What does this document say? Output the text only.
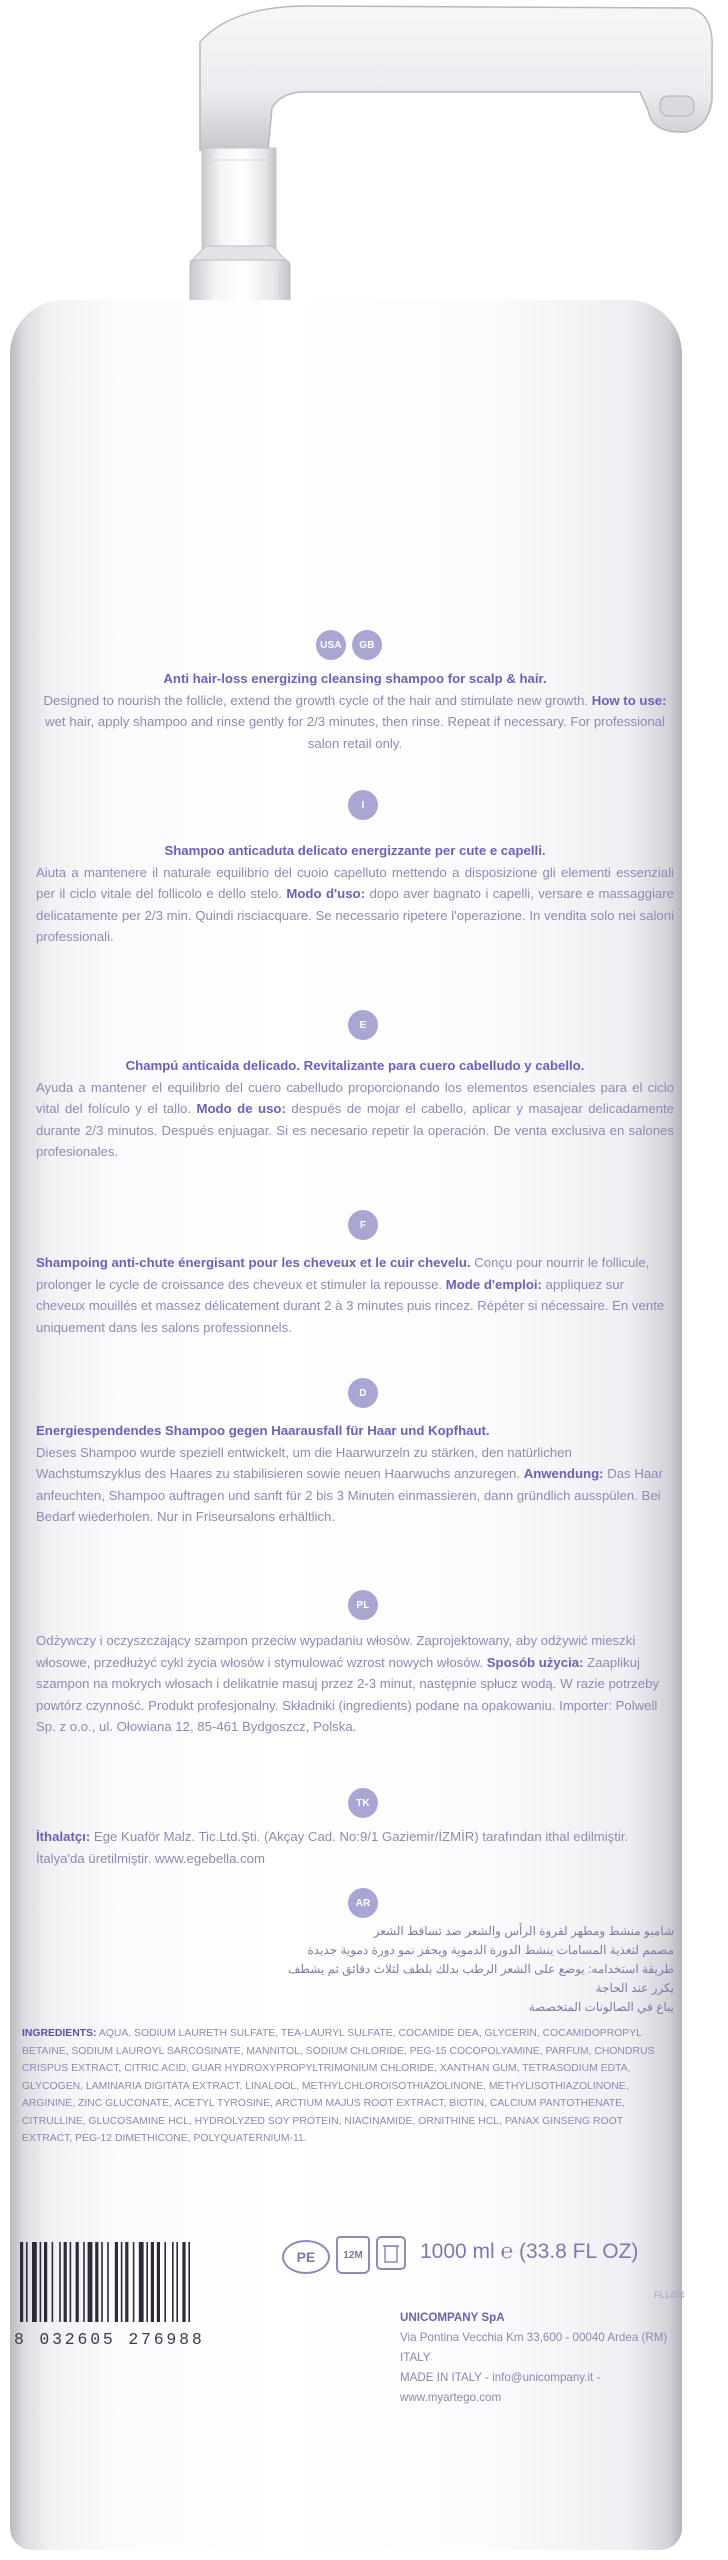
USA	GB
Anti hair-loss energizing cleansing shampoo for scalp & hair.
Designed to nourish the follicle, extend the growth cycle of the hair and stimulate new growth. How to use: wet hair, apply shampoo and rinse gently for 2/3 minutes, then rinse. Repeat if necessary. For professional salon retail only.
I
Shampoo anticaduta delicato energizzante per cute e capelli.
Aiuta a mantenere il naturale equilibrio del cuoio capelluto mettendo a disposizione gli elementi essenziali per il ciclo vitale del follicolo e dello stelo. Modo d'uso: dopo aver bagnato i capelli, versare e massaggiare delicatamente per 2/3 min. Quindi risciacquare. Se necessario ripetere l'operazione. In vendita solo nei saloni professionali.
E
Champú anticaida delicado. Revitalizante para cuero cabelludo y cabello.
Ayuda a mantener el equilibrio del cuero cabelludo proporcionando los elementos esenciales para el ciclo vital del folículo y el tallo. Modo de uso: después de mojar el cabello, aplicar y masajear delicadamente durante 2/3 minutos. Después enjuagar. Si es necesario repetir la operación. De venta exclusiva en salones profesionales.
F
Shampoing anti-chute énergisant pour les cheveux et le cuir chevelu. Conçu pour nourrir le follicule, prolonger le cycle de croissance des cheveux et stimuler la repousse. Mode d'emploi: appliquez sur cheveux mouillés et massez délicatement durant 2 à 3 minutes puis rincez. Répéter si nécessaire. En vente uniquement dans les salons professionnels.
D
Energiespendendes Shampoo gegen Haarausfall für Haar und Kopfhaut.
Dieses Shampoo wurde speziell entwickelt, um die Haarwurzeln zu stärken, den natürlichen Wachstumszyklus des Haares zu stabilisieren sowie neuen Haarwuchs anzuregen. Anwendung: Das Haar anfeuchten, Shampoo auftragen und sanft für 2 bis 3 Minuten einmassieren, dann gründlich ausspülen. Bei Bedarf wiederholen. Nur in Friseursalons erhältlich.
PL
Odżywczy i oczyszczający szampon przeciw wypadaniu włosów. Zaprojektowany, aby odżywić mieszki włosowe, przedłużyć cykl życia włosów i stymulować wzrost nowych włosów. Sposób użycia: Zaaplikuj szampon na mokrych włosach i delikatnie masuj przez 2-3 minut, następnie spłucz wodą. W razie potrzeby powtórz czynność. Produkt profesjonalny. Składniki (ingredients) podane na opakowaniu. Importer: Polwell Sp. z o.o., ul. Ołowiana 12, 85-461 Bydgoszcz, Polska.
TK
İthalatçı: Ege Kuaför Malz. Tic.Ltd.Şti. (Akçay Cad. No:9/1 Gaziemir/İZMİR) tarafından ithal edilmiştir. İtalya'da üretilmiştir. www.egebella.com
AR
شامبو منشط ومطهر لفروة الرأس والشعر ضد تساقط الشعر
مصمم لتغذية المسامات ينشط الدورة الدموية ويحفز نمو دورة دموية جديدة
طريقة استخدامه: يوضع على الشعر الرطب بدلك بلطف لثلاث دقائق ثم يشطف
يكرر عند الحاجة
يباع في الصالونات المتخصصة
INGREDIENTS: AQUA, SODIUM LAURETH SULFATE, TEA-LAURYL SULFATE, COCAMIDE DEA, GLYCERIN, COCAMIDOPROPYL BETAINE, SODIUM LAUROYL SARCOSINATE, MANNITOL, SODIUM CHLORIDE, PEG-15 COCOPOLYAMINE, PARFUM, CHONDRUS CRISPUS EXTRACT, CITRIC ACID, GUAR HYDROXYPROPYLTRIMONIUM CHLORIDE, XANTHAN GUM, TETRASODIUM EDTA, GLYCOGEN, LAMINARIA DIGITATA EXTRACT, LINALOOL, METHYLCHLOROISOTHIAZOLINONE, METHYLISOTHIAZOLINONE, ARGININE, ZINC GLUCONATE, ACETYL TYROSINE, ARCTIUM MAJUS ROOT EXTRACT, BIOTIN, CALCIUM PANTOTHENATE, CITRULLINE, GLUCOSAMINE HCL, HYDROLYZED SOY PROTEIN, NIACINAMIDE, ORNITHINE HCL, PANAX GINSENG ROOT EXTRACT, PEG-12 DIMETHICONE, POLYQUATERNIUM-11.
PE	12M	1000 ml ℮ (33.8 FL OZ)
FL1454
UNICOMPANY SpA
Via Pontina Vecchia Km 33,600 - 00040 Ardea (RM) ITALY
MADE IN ITALY - info@unicompany.it - www.myartego.com
8 032605 276988
